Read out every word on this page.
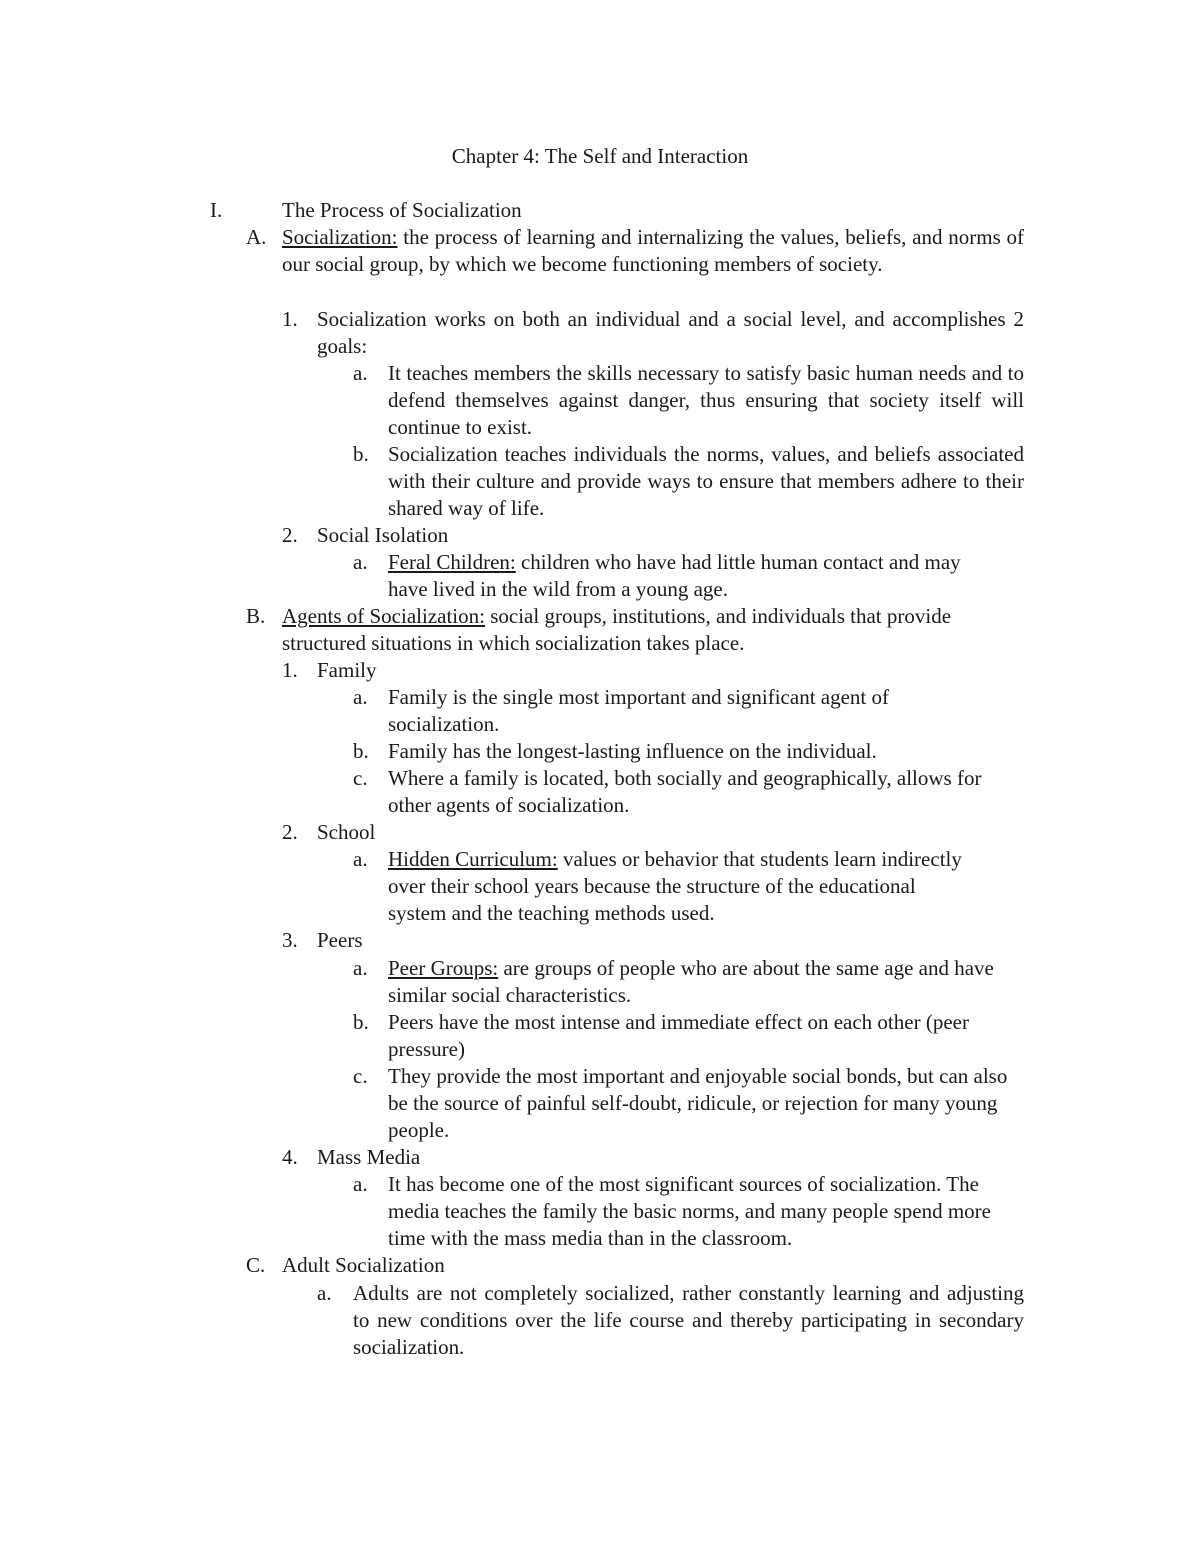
Chapter 4: The Self and Interaction
I.	The Process of Socialization
A. Socialization: the process of learning and internalizing the values, beliefs, and norms of our social group, by which we become functioning members of society.
1. Socialization works on both an individual and a social level, and accomplishes 2 goals:
a. It teaches members the skills necessary to satisfy basic human needs and to defend themselves against danger, thus ensuring that society itself will continue to exist.
b. Socialization teaches individuals the norms, values, and beliefs associated with their culture and provide ways to ensure that members adhere to their shared way of life.
2. Social Isolation
a. Feral Children: children who have had little human contact and may have lived in the wild from a young age.
B. Agents of Socialization: social groups, institutions, and individuals that provide structured situations in which socialization takes place.
1. Family
a. Family is the single most important and significant agent of socialization.
b. Family has the longest-lasting influence on the individual.
c. Where a family is located, both socially and geographically, allows for other agents of socialization.
2. School
a. Hidden Curriculum: values or behavior that students learn indirectly over their school years because the structure of the educational system and the teaching methods used.
3. Peers
a. Peer Groups: are groups of people who are about the same age and have similar social characteristics.
b. Peers have the most intense and immediate effect on each other (peer pressure)
c. They provide the most important and enjoyable social bonds, but can also be the source of painful self-doubt, ridicule, or rejection for many young people.
4. Mass Media
a. It has become one of the most significant sources of socialization. The media teaches the family the basic norms, and many people spend more time with the mass media than in the classroom.
C. Adult Socialization
a.	Adults are not completely socialized, rather constantly learning and adjusting to new conditions over the life course and thereby participating in secondary socialization.
